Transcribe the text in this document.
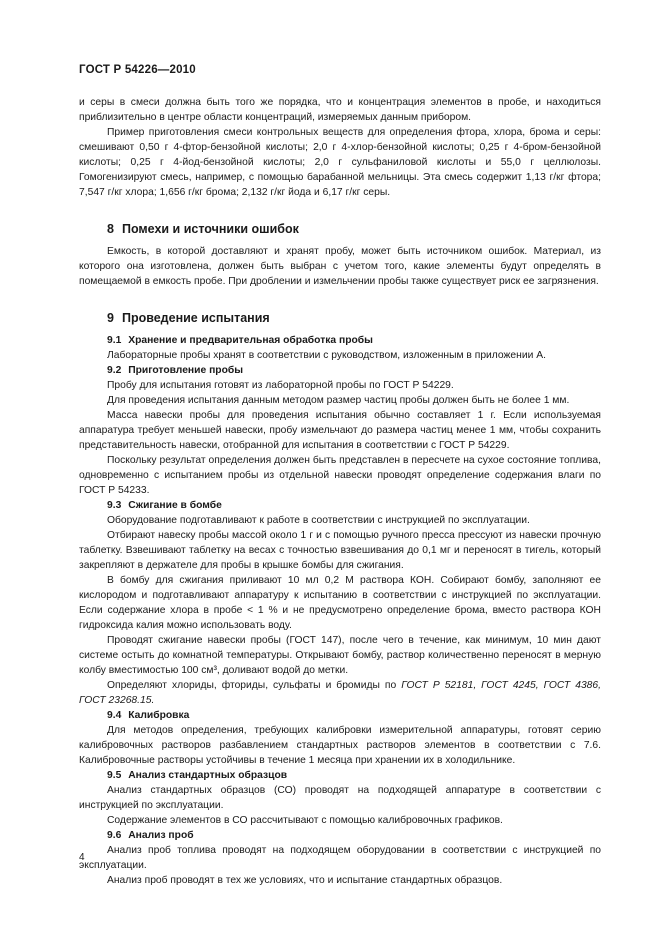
ГОСТ Р 54226—2010

и серы в смеси должна быть того же порядка, что и концентрация элементов в пробе, и находиться приблизительно в центре области концентраций, измеряемых данным прибором.

Пример приготовления смеси контрольных веществ для определения фтора, хлора, брома и серы: смешивают 0,50 г 4-фтор-бензойной кислоты; 2,0 г 4-хлор-бензойной кислоты; 0,25 г 4-бром-бензойной кислоты; 0,25 г 4-йод-бензойной кислоты; 2,0 г сульфаниловой кислоты и 55,0 г целлюлозы. Гомогенизируют смесь, например, с помощью барабанной мельницы. Эта смесь содержит 1,13 г/кг фтора; 7,547 г/кг хлора; 1,656 г/кг брома; 2,132 г/кг йода и 6,17 г/кг серы.

8 Помехи и источники ошибок

Емкость, в которой доставляют и хранят пробу, может быть источником ошибок. Материал, из которого она изготовлена, должен быть выбран с учетом того, какие элементы будут определять в помещаемой в емкость пробе. При дроблении и измельчении пробы также существует риск ее загрязнения.

9 Проведение испытания
9.1 Хранение и предварительная обработка пробы

Лабораторные пробы хранят в соответствии с руководством, изложенным в приложении А.

9.2 Приготовление пробы

Пробу для испытания готовят из лабораторной пробы по ГОСТ Р 54229.

Для проведения испытания данным методом размер частиц пробы должен быть не более 1 мм.

Масса навески пробы для проведения испытания обычно составляет 1 г. Если используемая аппаратура требует меньшей навески, пробу измельчают до размера частиц менее 1 мм, чтобы сохранить представительность навески, отобранной для испытания в соответствии с ГОСТ Р 54229.

Поскольку результат определения должен быть представлен в пересчете на сухое состояние топлива, одновременно с испытанием пробы из отдельной навески проводят определение содержания влаги по ГОСТ Р 54233.

9.3 Сжигание в бомбе

Оборудование подготавливают к работе в соответствии с инструкцией по эксплуатации.

Отбирают навеску пробы массой около 1 г и с помощью ручного пресса прессуют из навески прочную таблетку. Взвешивают таблетку на весах с точностью взвешивания до 0,1 мг и переносят в тигель, который закрепляют в держателе для пробы в крышке бомбы для сжигания.

В бомбу для сжигания приливают 10 мл 0,2 М раствора КОН. Собирают бомбу, заполняют ее кислородом и подготавливают аппаратуру к испытанию в соответствии с инструкцией по эксплуатации. Если содержание хлора в пробе < 1 % и не предусмотрено определение брома, вместо раствора КОН гидроксида калия можно использовать воду.

Проводят сжигание навески пробы (ГОСТ 147), после чего в течение, как минимум, 10 мин дают системе остыть до комнатной температуры. Открывают бомбу, раствор количественно переносят в мерную колбу вместимостью 100 см³, доливают водой до метки.

Определяют хлориды, фториды, сульфаты и бромиды по ГОСТ Р 52181, ГОСТ 4245, ГОСТ 4386, ГОСТ 23268.15.

9.4 Калибровка

Для методов определения, требующих калибровки измерительной аппаратуры, готовят серию калибровочных растворов разбавлением стандартных растворов элементов в соответствии с 7.6. Калибровочные растворы устойчивы в течение 1 месяца при хранении их в холодильнике.

9.5 Анализ стандартных образцов

Анализ стандартных образцов (СО) проводят на подходящей аппаратуре в соответствии с инструкцией по эксплуатации.

Содержание элементов в СО рассчитывают с помощью калибровочных графиков.

9.6 Анализ проб

Анализ проб топлива проводят на подходящем оборудовании в соответствии с инструкцией по эксплуатации.

Анализ проб проводят в тех же условиях, что и испытание стандартных образцов.

4
